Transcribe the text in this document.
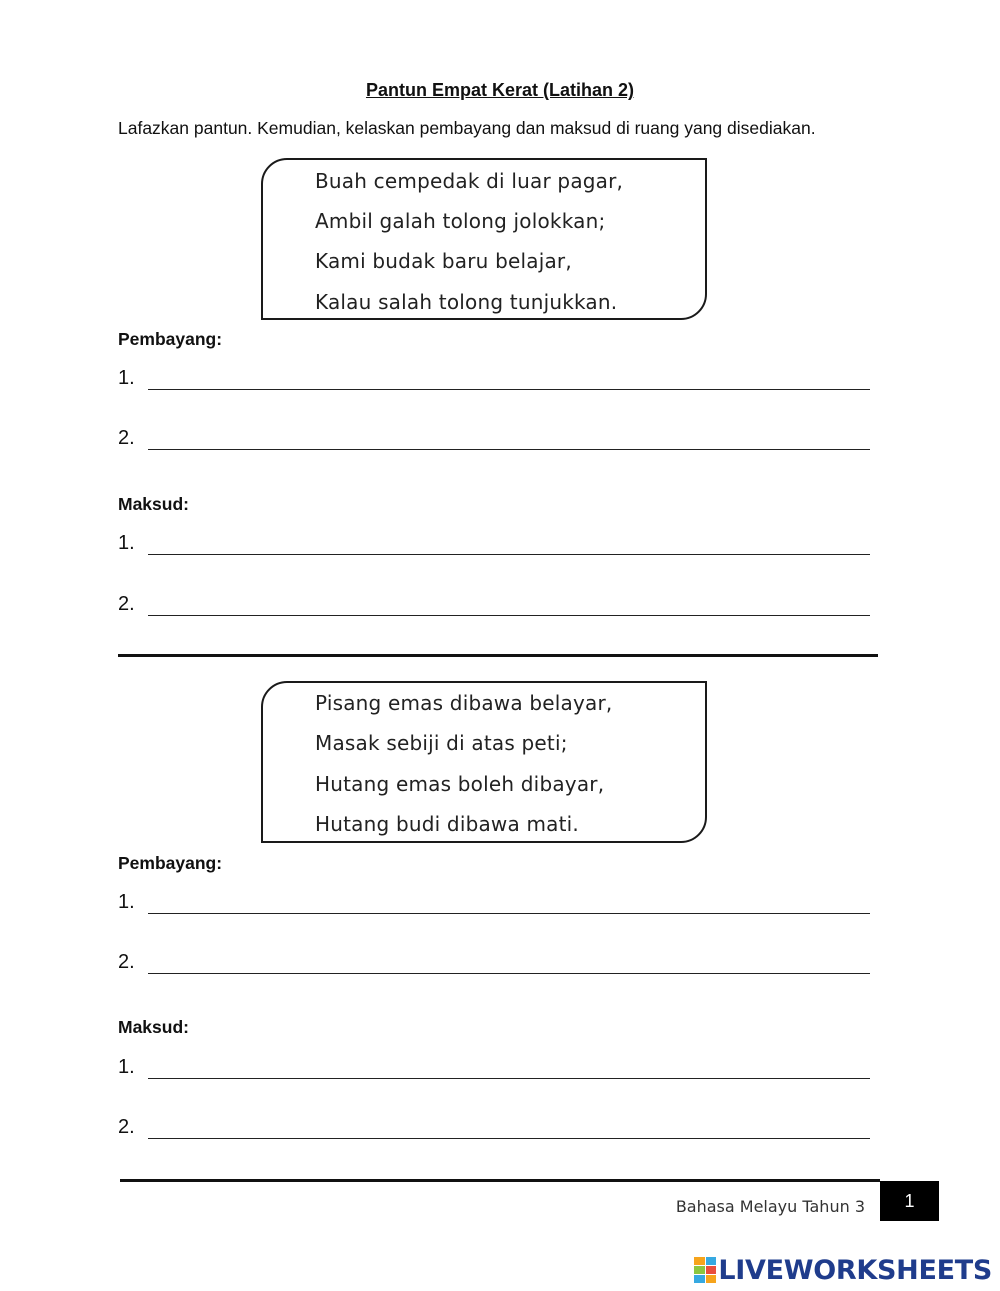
Pantun Empat Kerat (Latihan 2)
Lafazkan pantun. Kemudian, kelaskan pembayang dan maksud di ruang yang disediakan.
Buah cempedak di luar pagar,
Ambil galah tolong jolokkan;
Kami budak baru belajar,
Kalau salah tolong tunjukkan.
Pembayang:
1.
2.
Maksud:
1.
2.
Pisang emas dibawa belayar,
Masak sebiji di atas peti;
Hutang emas boleh dibayar,
Hutang budi dibawa mati.
Pembayang:
1.
2.
Maksud:
1.
2.
Bahasa Melayu Tahun 3	1
LIVEWORKSHEETS
